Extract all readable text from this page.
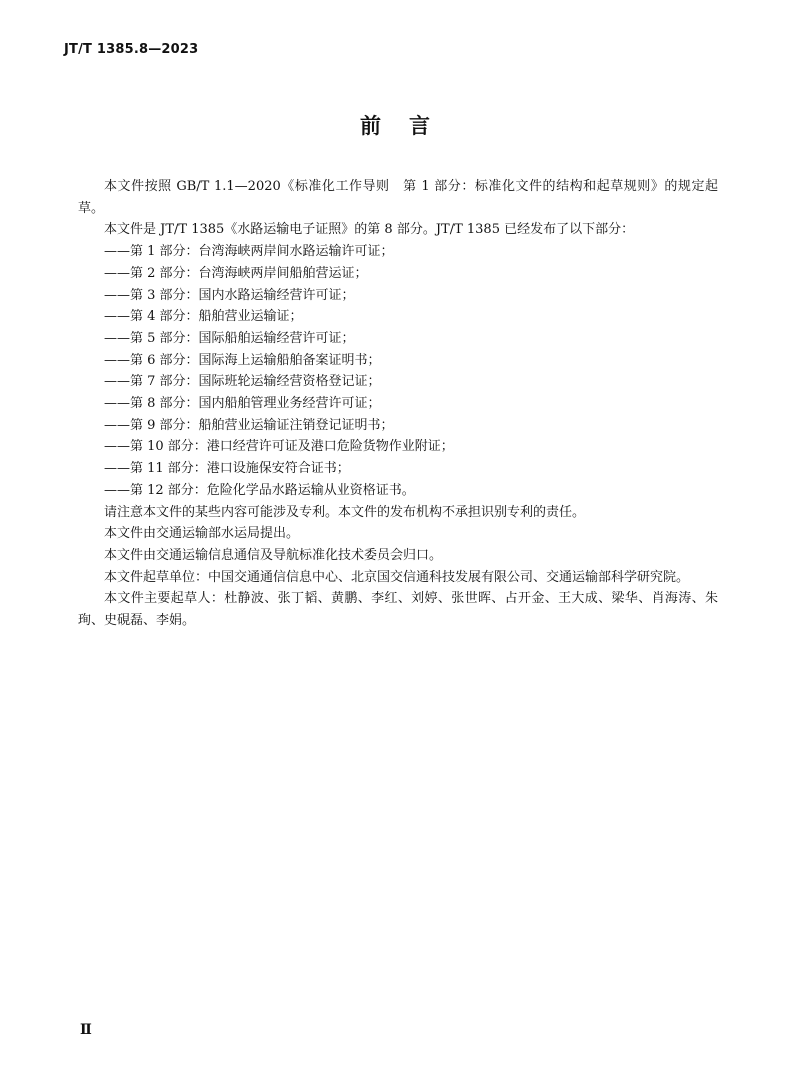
JT/T 1385.8—2023
前言

本文件按照 GB/T 1.1—2020《标准化工作导则　第 1 部分：标准化文件的结构和起草规则》的规定起草。

本文件是 JT/T 1385《水路运输电子证照》的第 8 部分。JT/T 1385 已经发布了以下部分：

——第 1 部分：台湾海峡两岸间水路运输许可证；

——第 2 部分：台湾海峡两岸间船舶营运证；

——第 3 部分：国内水路运输经营许可证；

——第 4 部分：船舶营业运输证；

——第 5 部分：国际船舶运输经营许可证；

——第 6 部分：国际海上运输船舶备案证明书；

——第 7 部分：国际班轮运输经营资格登记证；

——第 8 部分：国内船舶管理业务经营许可证；

——第 9 部分：船舶营业运输证注销登记证明书；

——第 10 部分：港口经营许可证及港口危险货物作业附证；

——第 11 部分：港口设施保安符合证书；

——第 12 部分：危险化学品水路运输从业资格证书。

请注意本文件的某些内容可能涉及专利。本文件的发布机构不承担识别专利的责任。

本文件由交通运输部水运局提出。

本文件由交通运输信息通信及导航标准化技术委员会归口。

本文件起草单位：中国交通通信信息中心、北京国交信通科技发展有限公司、交通运输部科学研究院。

本文件主要起草人：杜静波、张丁韬、黄鹏、李红、刘婷、张世晖、占开金、王大成、梁华、肖海涛、朱珣、史硯磊、李娟。

Ⅱ
